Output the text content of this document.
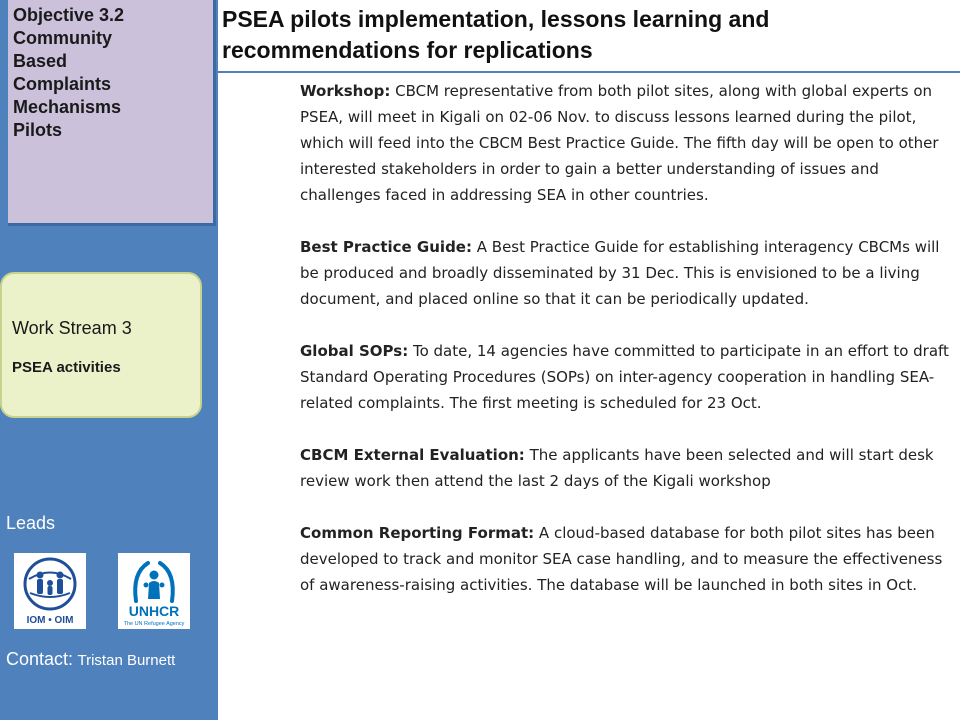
Objective 3.2
Community
Based
Complaints
Mechanisms
Pilots
Work Stream 3
PSEA activities
Leads
IOM • OIM
UNHCR
The UN Refugee Agency
Contact: Tristan Burnett
PSEA pilots implementation, lessons learning and
recommendations for replications

Workshop: CBCM representative from both pilot sites, along with global experts on PSEA, will meet in Kigali on 02-06 Nov. to discuss lessons learned during the pilot, which will feed into the CBCM Best Practice Guide. The fifth day will be open to other interested stakeholders in order to gain a better understanding of issues and challenges faced in addressing SEA in other countries.

Best Practice Guide: A Best Practice Guide for establishing interagency CBCMs will be produced and broadly disseminated by 31 Dec. This is envisioned to be a living document, and placed online so that it can be periodically updated.

Global SOPs: To date, 14 agencies have committed to participate in an effort to draft Standard Operating Procedures (SOPs) on inter-agency cooperation in handling SEA-related complaints. The first meeting is scheduled for 23 Oct.

CBCM External Evaluation: The applicants have been selected and will start desk review work then attend the last 2 days of the Kigali workshop

Common Reporting Format: A cloud-based database for both pilot sites has been developed to track and monitor SEA case handling, and to measure the effectiveness of awareness-raising activities. The database will be launched in both sites in Oct.
